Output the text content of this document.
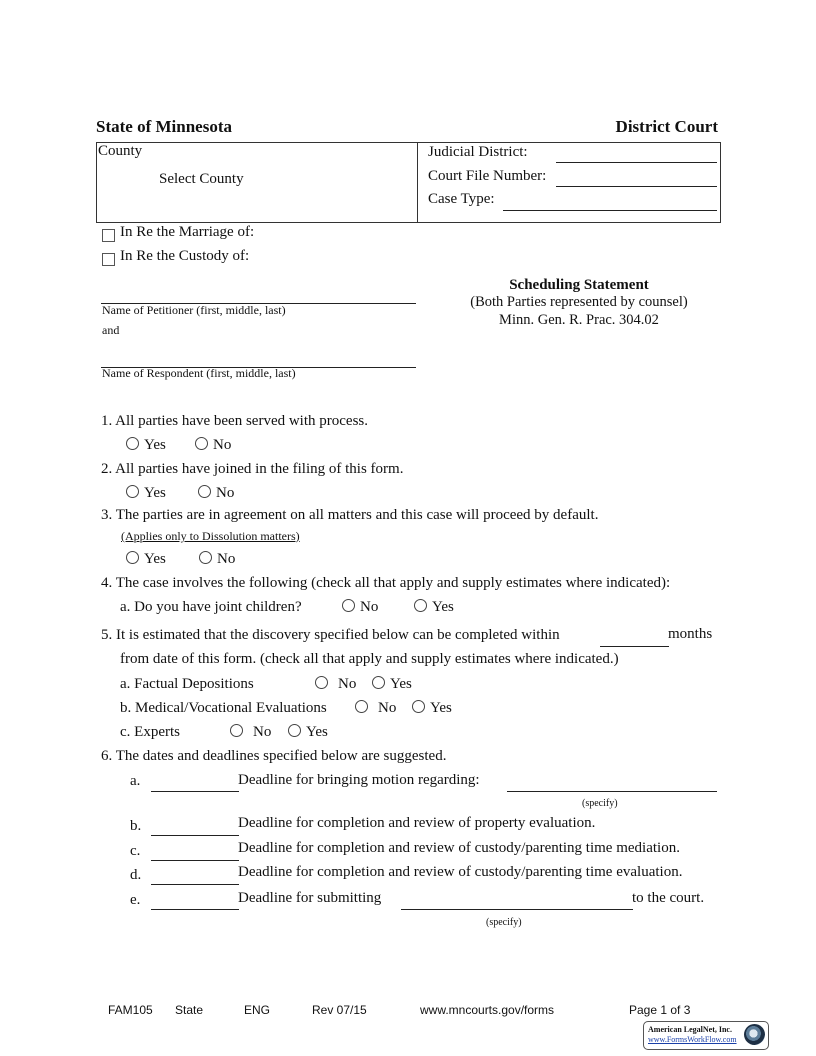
State of Minnesota	District Court
County
Select County
Judicial District:
Court File Number:
Case Type:
In Re the Marriage of:
In Re the Custody of:
Name of Petitioner (first, middle, last)
and
Name of Respondent (first, middle, last)
Scheduling Statement
(Both Parties represented by counsel)
Minn. Gen. R. Prac. 304.02
1. All parties have been served with process.
Yes	No
2. All parties have joined in the filing of this form.
Yes	No
3. The parties are in agreement on all matters and this case will proceed by default.
(Applies only to Dissolution matters)
Yes	No
4. The case involves the following (check all that apply and supply estimates where indicated):
a. Do you have joint children?	No	Yes
5. It is estimated that the discovery specified below can be completed within	months
from date of this form. (check all that apply and supply estimates where indicated.)
a. Factual Depositions	No	Yes
b. Medical/Vocational Evaluations	No	Yes
c. Experts	No	Yes
6. The dates and deadlines specified below are suggested.
a.	Deadline for bringing motion regarding:
(specify)
b.	Deadline for completion and review of property evaluation.
c.	Deadline for completion and review of custody/parenting time mediation.
d.	Deadline for completion and review of custody/parenting time evaluation.
e.	Deadline for submitting	to the court.
(specify)
FAM105 State	ENG	Rev 07/15	www.mncourts.gov/forms	Page 1 of 3
American LegalNet, Inc.
www.FormsWorkFlow.com
